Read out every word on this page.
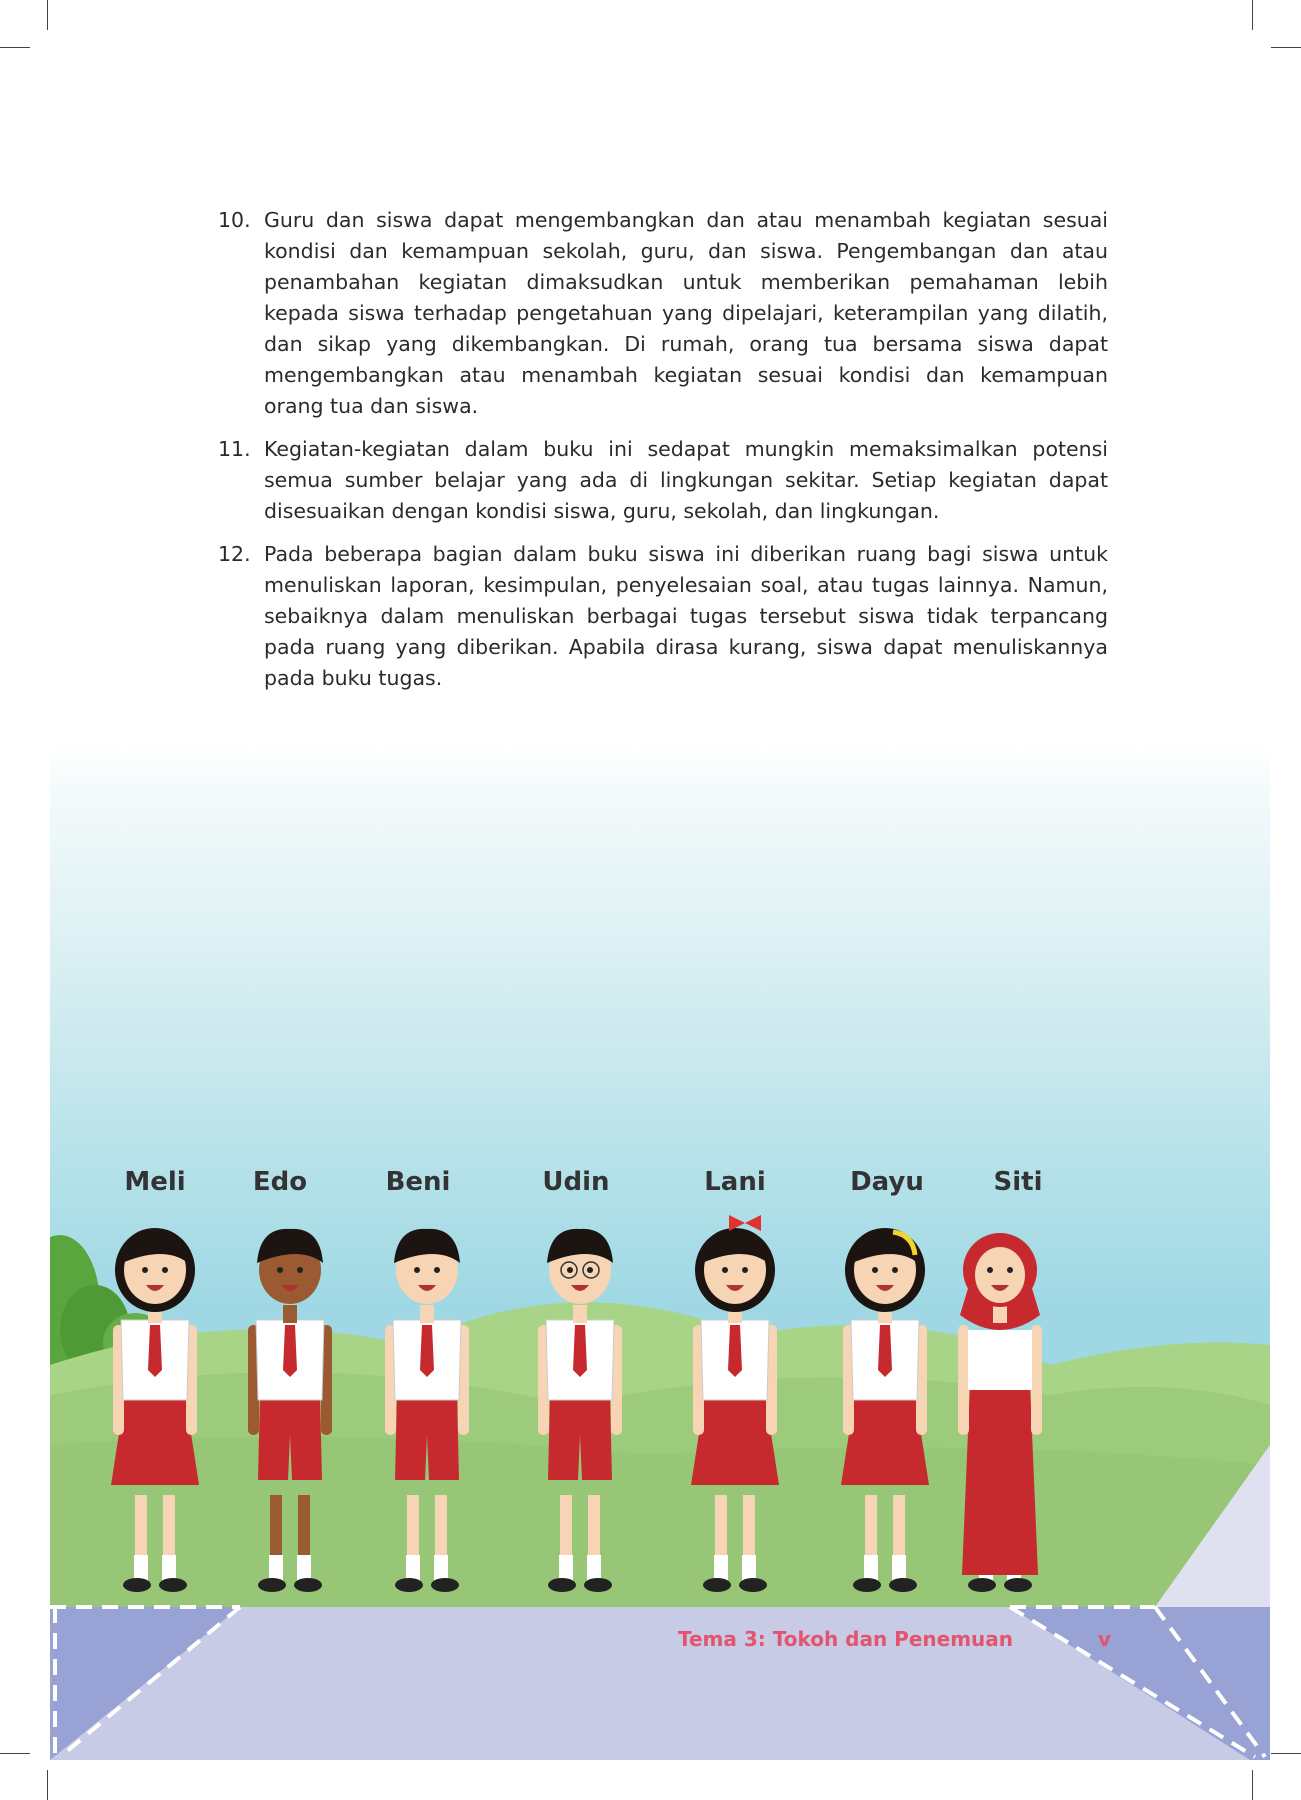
10. Guru dan siswa dapat mengembangkan dan atau menambah kegiatan sesuai kondisi dan kemampuan sekolah, guru, dan siswa. Pengembangan dan atau penambahan kegiatan dimaksudkan untuk memberikan pemahaman lebih kepada siswa terhadap pengetahuan yang dipelajari, keterampilan yang dilatih, dan sikap yang dikembangkan. Di rumah, orang tua bersama siswa dapat mengembangkan atau menambah kegiatan sesuai kondisi dan kemampuan orang tua dan siswa.
11. Kegiatan-kegiatan dalam buku ini sedapat mungkin memaksimalkan potensi semua sumber belajar yang ada di lingkungan sekitar. Setiap kegiatan dapat disesuaikan dengan kondisi siswa, guru, sekolah, dan lingkungan.
12. Pada beberapa bagian dalam buku siswa ini diberikan ruang bagi siswa untuk menuliskan laporan, kesimpulan, penyelesaian soal, atau tugas lainnya. Namun, sebaiknya dalam menuliskan berbagai tugas tersebut siswa tidak terpancang pada ruang yang diberikan. Apabila dirasa kurang, siswa dapat menuliskannya pada buku tugas.
Meli	Edo	Beni	Udin	Lani	Dayu	Siti
Tema 3: Tokoh dan Penemuan	v
